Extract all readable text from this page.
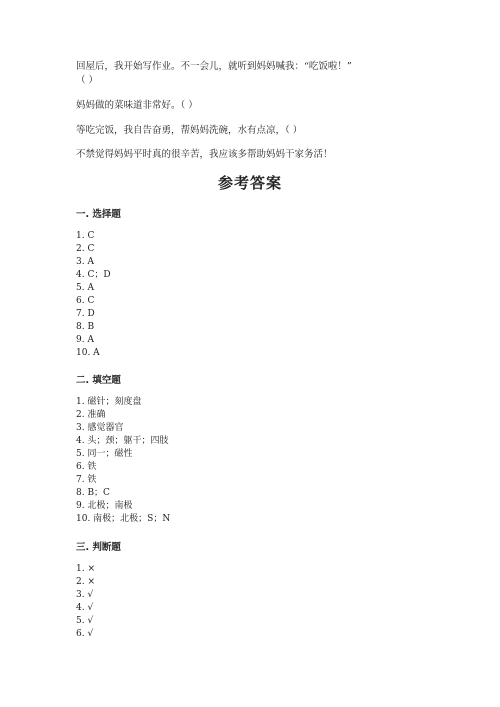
回屋后，我开始写作业。不一会儿，就听到妈妈喊我：“吃饭啦！”
（ ）
妈妈做的菜味道非常好。（ ）
等吃完饭，我自告奋勇，帮妈妈洗碗，水有点凉，（ ）
不禁觉得妈妈平时真的很辛苦，我应该多帮助妈妈干家务活！
参考答案
一. 选择题
1. C
2. C
3. A
4. C；D
5. A
6. C
7. D
8. B
9. A
10. A
二. 填空题
1. 磁针；刻度盘
2. 准确
3. 感觉器官
4. 头；颈；躯干；四肢
5. 同一；磁性
6. 铁
7. 铁
8. B；C
9. 北极；南极
10. 南极；北极；S；N
三. 判断题
1. ×
2. ×
3. √
4. √
5. √
6. √
